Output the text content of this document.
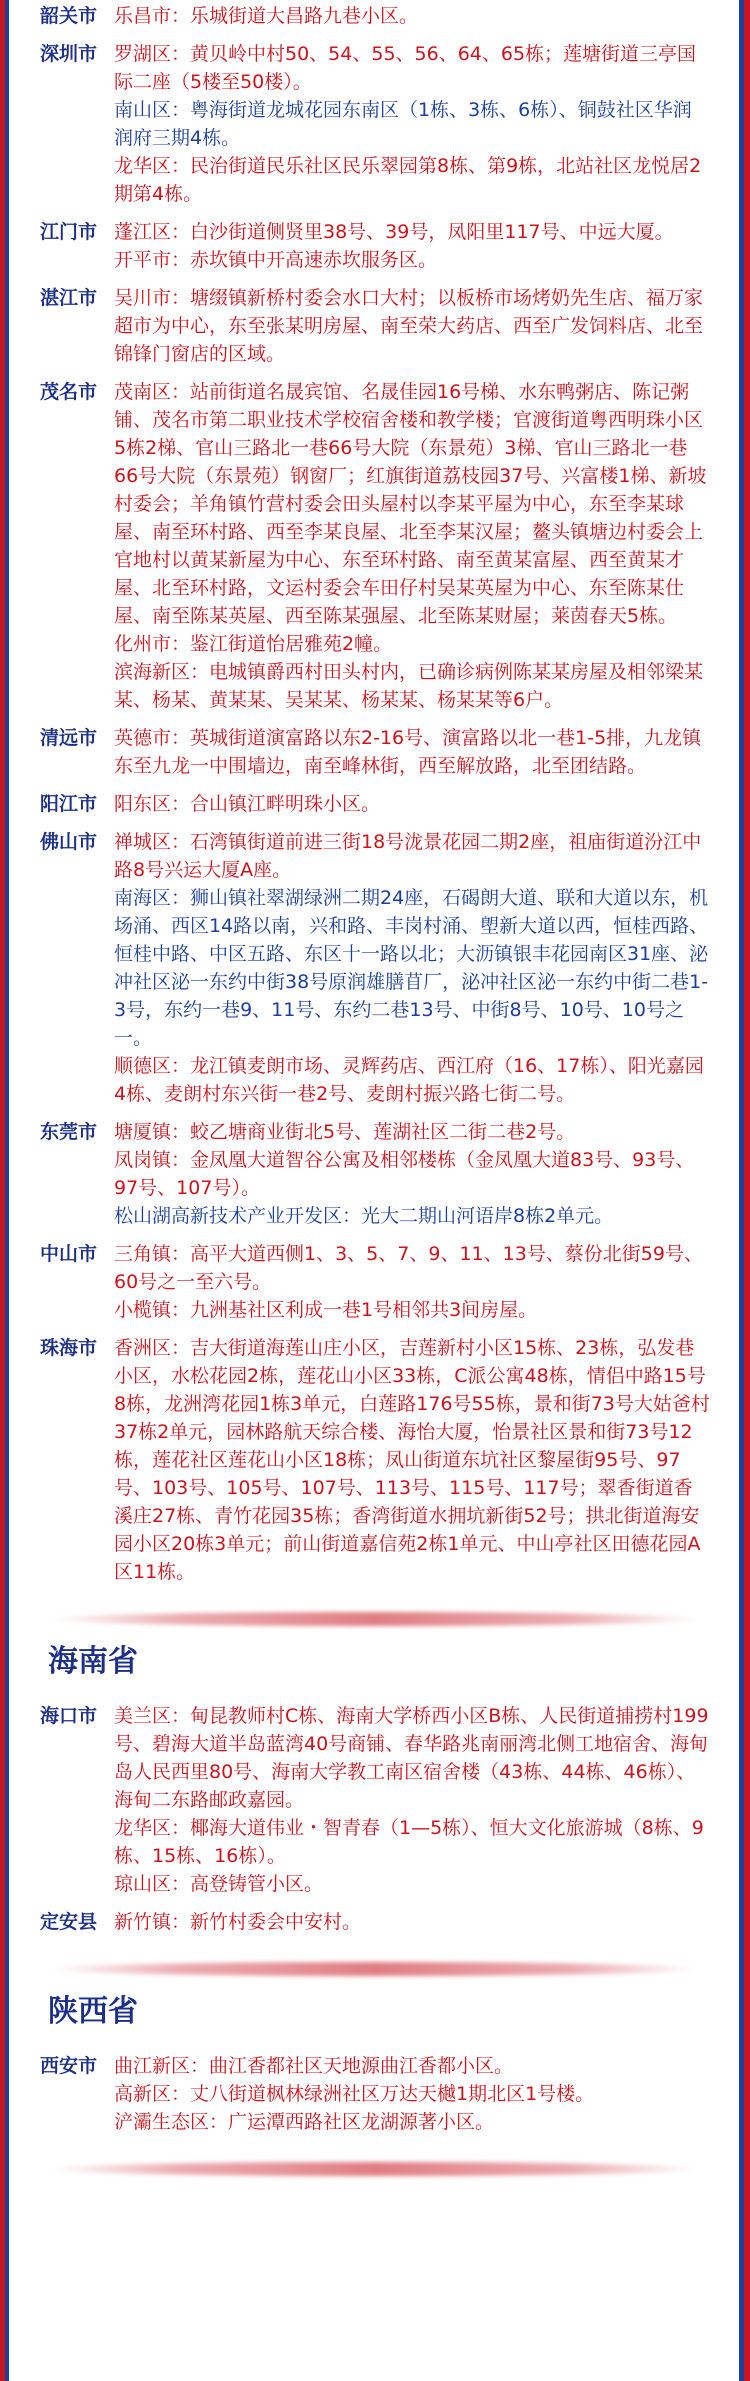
韶关市 乐昌市：乐城街道大昌路九巷小区。
深圳市 罗湖区：黄贝岭中村50、54、55、56、64、65栋；莲塘街道三亭国际二座（5楼至50楼）。
南山区：粤海街道龙城花园东南区（1栋、3栋、6栋）、铜鼓社区华润润府三期4栋。
龙华区：民治街道民乐社区民乐翠园第8栋、第9栋，北站社区龙悦居2期第4栋。
江门市 蓬江区：白沙街道侧贤里38号、39号，凤阳里117号、中远大厦。
开平市：赤坎镇中开高速赤坎服务区。
湛江市 吴川市：塘缀镇新桥村委会水口大村；以板桥市场烤奶先生店、福万家超市为中心，东至张某明房屋、南至荣大药店、西至广发饲料店、北至锦锋门窗店的区域。
茂名市 茂南区：站前街道名晟宾馆、名晟佳园16号梯、水东鸭粥店、陈记粥铺、茂名市第二职业技术学校宿舍楼和教学楼；官渡街道粤西明珠小区5栋2梯、官山三路北一巷66号大院（东景苑）3梯、官山三路北一巷66号大院（东景苑）钢窗厂；红旗街道荔枝园37号、兴富楼1梯、新坡村委会；羊角镇竹营村委会田头屋村以李某平屋为中心，东至李某球屋、南至环村路、西至李某良屋、北至李某汉屋；鳌头镇塘边村委会上官地村以黄某新屋为中心、东至环村路、南至黄某富屋、西至黄某才屋、北至环村路，文运村委会车田仔村吴某英屋为中心、东至陈某仕屋、南至陈某英屋、西至陈某强屋、北至陈某财屋；莱茵春天5栋。
化州市：鉴江街道怡居雅苑2幢。
滨海新区：电城镇爵西村田头村内，已确诊病例陈某某房屋及相邻梁某某、杨某、黄某某、吴某某、杨某某、杨某某等6户。
清远市 英德市：英城街道演富路以东2-16号、演富路以北一巷1-5排，九龙镇东至九龙一中围墙边，南至峰林街，西至解放路，北至团结路。
阳江市 阳东区：合山镇江畔明珠小区。
佛山市 禅城区：石湾镇街道前进三街18号泷景花园二期2座，祖庙街道汾江中路8号兴运大厦A座。
南海区：狮山镇社翠湖绿洲二期24座，石碣朗大道、联和大道以东，机场涌、西区14路以南，兴和路、丰岗村涌、塱新大道以西，恒桂西路、恒桂中路、中区五路、东区十一路以北；大沥镇银丰花园南区31座、泌冲社区泌一东约中街38号原润雄膳苜厂，泌冲社区泌一东约中街二巷1-3号，东约一巷9、11号、东约二巷13号、中街8号、10号、10号之一。
顺德区：龙江镇麦朗市场、灵辉药店、西江府（16、17栋）、阳光嘉园4栋、麦朗村东兴街一巷2号、麦朗村振兴路七街二号。
东莞市 塘厦镇：蛟乙塘商业街北5号、莲湖社区二街二巷2号。
凤岗镇：金凤凰大道智谷公寓及相邻楼栋（金凤凰大道83号、93号、97号、107号）。
松山湖高新技术产业开发区：光大二期山河语岸8栋2单元。
中山市 三角镇：高平大道西侧1、3、5、7、9、11、13号、蔡份北街59号、60号之一至六号。
小榄镇：九洲基社区利成一巷1号相邻共3间房屋。
珠海市 香洲区：吉大街道海莲山庄小区，吉莲新村小区15栋、23栋，弘发巷小区，水松花园2栋，莲花山小区33栋，C派公寓48栋，情侣中路15号8栋，龙洲湾花园1栋3单元，白莲路176号55栋，景和街73号大姑爸村37栋2单元，园林路航天综合楼、海怡大厦，怡景社区景和街73号12栋，莲花社区莲花山小区18栋；凤山街道东坑社区黎屋街95号、97号、103号、105号、107号、113号、115号、117号；翠香街道香溪庄27栋、青竹花园35栋；香湾街道水拥坑新街52号；拱北街道海安园小区20栋3单元；前山街道嘉信苑2栋1单元、中山亭社区田德花园A区11栋。
海南省
海口市 美兰区：甸昆教师村C栋、海南大学桥西小区B栋、人民街道捕捞村199号、碧海大道半岛蓝湾40号商铺、春华路兆南丽湾北侧工地宿舍、海甸岛人民西里80号、海南大学教工南区宿舍楼（43栋、44栋、46栋）、海甸二东路邮政嘉园。
龙华区：椰海大道伟业・智青春（1—5栋）、恒大文化旅游城（8栋、9栋、15栋、16栋）。
琼山区：高登铸管小区。
定安县 新竹镇：新竹村委会中安村。
陕西省
西安市 曲江新区：曲江香都社区天地源曲江香都小区。
高新区：丈八街道枫林绿洲社区万达天樾1期北区1号楼。
浐灞生态区：广运潭西路社区龙湖源著小区。
